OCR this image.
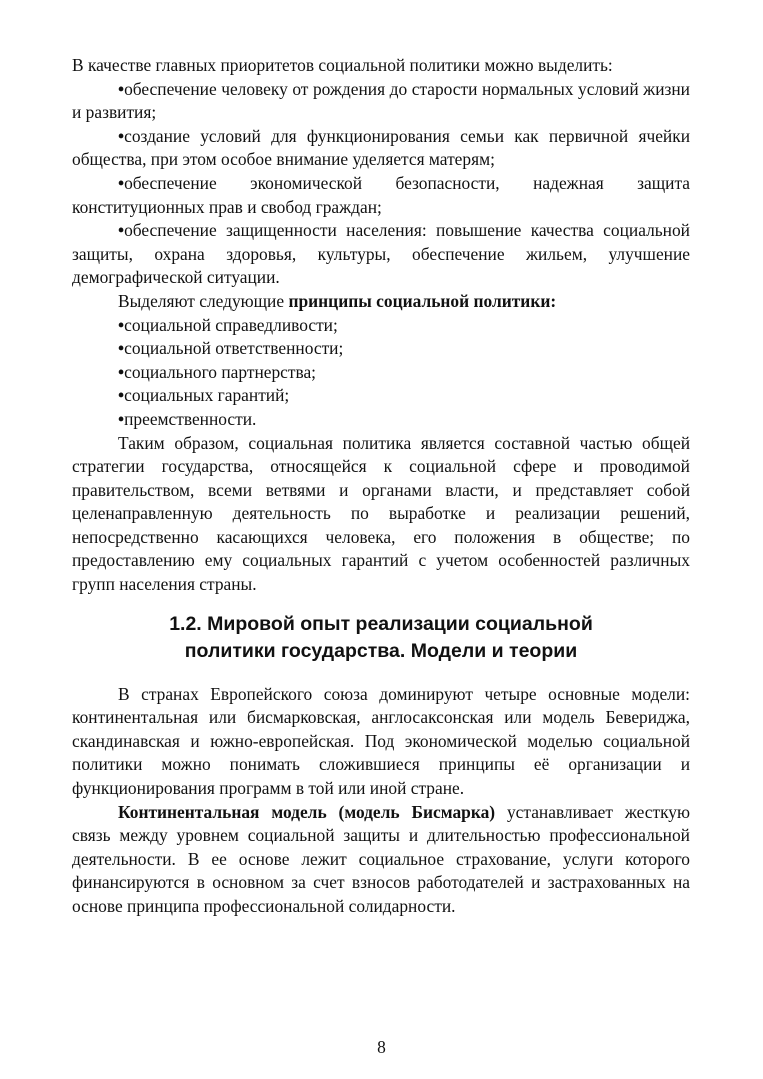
В качестве главных приоритетов социальной политики можно выделить:

•обеспечение человеку от рождения до старости нормальных условий жизни и развития;
•создание условий для функционирования семьи как первичной ячейки общества, при этом особое внимание уделяется матерям;
•обеспечение экономической безопасности, надежная защита конституционных прав и свобод граждан;
•обеспечение защищенности населения: повышение качества социальной защиты, охрана здоровья, культуры, обеспечение жильем, улучшение демографической ситуации.

Выделяют следующие принципы социальной политики:

•социальной справедливости;
•социальной ответственности;
•социального партнерства;
•социальных гарантий;
•преемственности.

Таким образом, социальная политика является составной частью общей стратегии государства, относящейся к социальной сфере и проводимой правительством, всеми ветвями и органами власти, и представляет собой целенаправленную деятельность по выработке и реализации решений, непосредственно касающихся человека, его положения в обществе; по предоставлению ему социальных гарантий с учетом особенностей различных групп населения страны.

1.2. Мировой опыт реализации социальной
политики государства. Модели и теории

В странах Европейского союза доминируют четыре основные модели: континентальная или бисмарковская, англосаксонская или модель Бевериджа, скандинавская и южно-европейская. Под экономической моделью социальной политики можно понимать сложившиеся принципы её организации и функционирования программ в той или иной стране.

Континентальная модель (модель Бисмарка) устанавливает жесткую связь между уровнем социальной защиты и длительностью профессиональной деятельности. В ее основе лежит социальное страхование, услуги которого финансируются в основном за счет взносов работодателей и застрахованных на основе принципа профессиональной солидарности.

8
